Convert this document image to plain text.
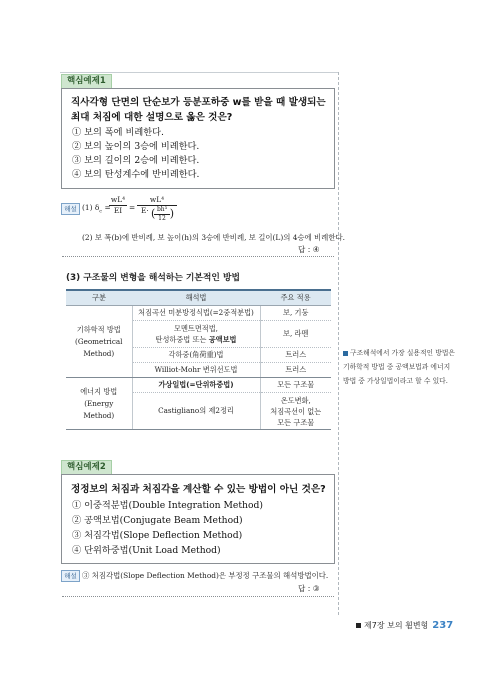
핵심예제1
직사각형 단면의 단순보가 등분포하중 w를 받을 때 발생되는
최대 처짐에 대한 설명으로 옳은 것은?
① 보의 폭에 비례한다.
② 보의 높이의 3승에 비례한다.
③ 보의 길이의 2승에 비례한다.
④ 보의 탄성계수에 반비례한다.
해설 (1) $\delta_c$ =
$\frac{\text{wL⁴}}{EI}$ =
wL⁴
E· ( bh³
12 )
(2) 보 폭(b)에 반비례, 보 높이(h)의 3승에 반비례, 보 길이(L)의 4승에 비례한다.
답 : ④
(3) 구조물의 변형을 해석하는 기본적인 방법
구분	해석법	주요 적용

기하학적 방법
(Geometrical
Method)	처짐곡선 미분방정식법(=2중적분법)	보, 기둥

	모멘트면적법,
탄성하중법 또는 공액보법	보, 라멘
	각하중(角荷重)법	트러스
	Williot-Mohr 변위선도법	트러스

에너지 방법
(Energy
Method)	가상일법(=단위하중법)	모든 구조물
	Castigliano의 제2정리	온도변화,
처짐곡선이 없는
모든 구조물
구조해석에서 가장 실용적인 방법은
기하학적 방법 중 공액보법과 에너지
방법 중 가상일법이라고 할 수 있다.
핵심예제2
정정보의 처짐과 처짐각을 계산할 수 있는 방법이 아닌 것은?
① 이중적분법(Double Integration Method)
② 공액보법(Conjugate Beam Method)
③ 처짐각법(Slope Deflection Method)
④ 단위하중법(Unit Load Method)
해설 ③ 처짐각법(Slope Deflection Method)은 부정정 구조물의 해석방법이다.
답 : ③
제7장 보의 휨변형 237
